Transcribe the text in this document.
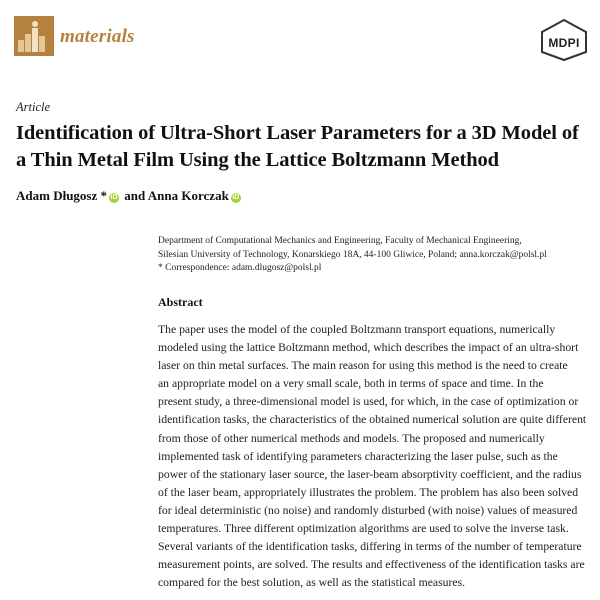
materials	MDPI
Article
Identification of Ultra-Short Laser Parameters for a 3D Model of a Thin Metal Film Using the Lattice Boltzmann Method
Adam Długosz * iD and Anna Korczak iD
Department of Computational Mechanics and Engineering, Faculty of Mechanical Engineering,
Silesian University of Technology, Konarskiego 18A, 44-100 Gliwice, Poland; anna.korczak@polsl.pl
* Correspondence: adam.dlugosz@polsl.pl
Abstract
The paper uses the model of the coupled Boltzmann transport equations, numerically
modeled using the lattice Boltzmann method, which describes the impact of an ultra-short
laser on thin metal surfaces. The main reason for using this method is the need to create
an appropriate model on a very small scale, both in terms of space and time. In the
present study, a three-dimensional model is used, for which, in the case of optimization or
identification tasks, the characteristics of the obtained numerical solution are quite different
from those of other numerical methods and models. The proposed and numerically
implemented task of identifying parameters characterizing the laser pulse, such as the
power of the stationary laser source, the laser-beam absorptivity coefficient, and the radius
of the laser beam, appropriately illustrates the problem. The problem has also been solved
for ideal deterministic (no noise) and randomly disturbed (with noise) values of measured
temperatures. Three different optimization algorithms are used to solve the inverse task.
Several variants of the identification tasks, differing in terms of the number of temperature
measurement points, are solved. The results and effectiveness of the identification tasks are
compared for the best solution, as well as the statistical measures.
